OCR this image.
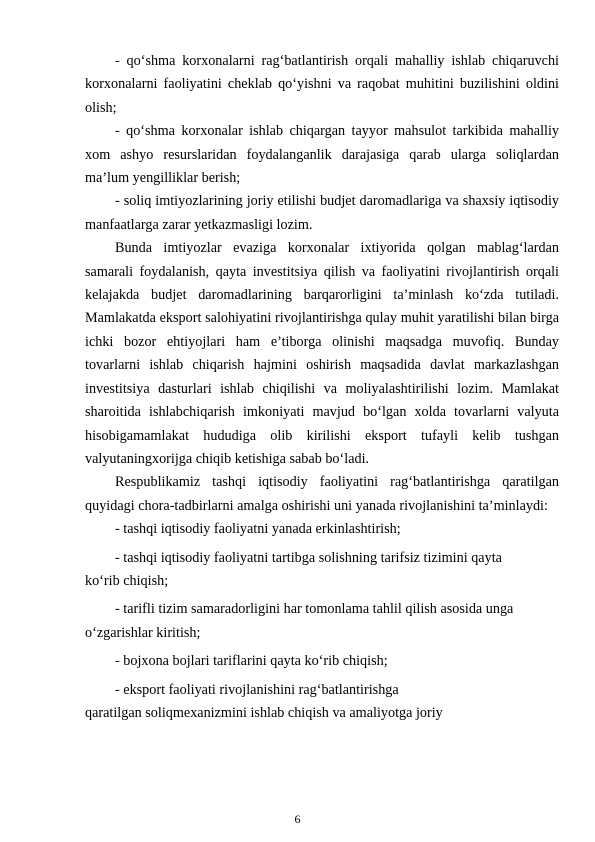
- qo‘shma korxonalarni rag‘batlantirish orqali mahalliy ishlab chiqaruvchi korxonalarni faoliyatini cheklab qo‘yishni va raqobat muhitini buzilishini oldini olish;

- qo‘shma korxonalar ishlab chiqargan tayyor mahsulot tarkibida mahalliy xom ashyo resurslaridan foydalanganlik darajasiga qarab ularga soliqlardan ma’lum yengilliklar berish;

- soliq imtiyozlarining joriy etilishi budjet daromadlariga va shaxsiy iqtisodiy manfaatlarga zarar yetkazmasligi lozim.

Bunda imtiyozlar evaziga korxonalar ixtiyorida qolgan mablag‘lardan samarali foydalanish, qayta investitsiya qilish va faoliyatini rivojlantirish orqali kelajakda budjet daromadlarining barqarorligini ta’minlash ko‘zda tutiladi. Mamlakatda eksport salohiyatini rivojlantirishga qulay muhit yaratilishi bilan birga ichki bozor ehtiyojlari ham e’tiborga olinishi maqsadga muvofiq. Bunday tovarlarni ishlab chiqarish hajmini oshirish maqsadida davlat markazlashgan investitsiya dasturlari ishlab chiqilishi va moliyalashtirilishi lozim. Mamlakat sharoitida ishlabchiqarish imkoniyati mavjud bo‘lgan xolda tovarlarni valyuta hisobigamamlakat hududiga olib kirilishi eksport tufayli kelib tushgan valyutaningxorijga chiqib ketishiga sabab bo‘ladi.

Respublikamiz tashqi iqtisodiy faoliyatini rag‘batlantirishga qaratilgan quyidagi chora-tadbirlarni amalga oshirishi uni yanada rivojlanishini ta’minlaydi:

- tashqi iqtisodiy faoliyatni yanada erkinlashtirish;

- tashqi iqtisodiy faoliyatni tartibga solishning tarifsiz tizimini qayta ko‘rib chiqish;

- tarifli tizim samaradorligini har tomonlama tahlil qilish asosida unga o‘zgarishlar kiritish;

- bojxona bojlari tariflarini qayta ko‘rib chiqish;

- eksport faoliyati rivojlanishini rag‘batlantirishga

qaratilgan soliqmexanizmini ishlab chiqish va amaliyotga joriy

6
